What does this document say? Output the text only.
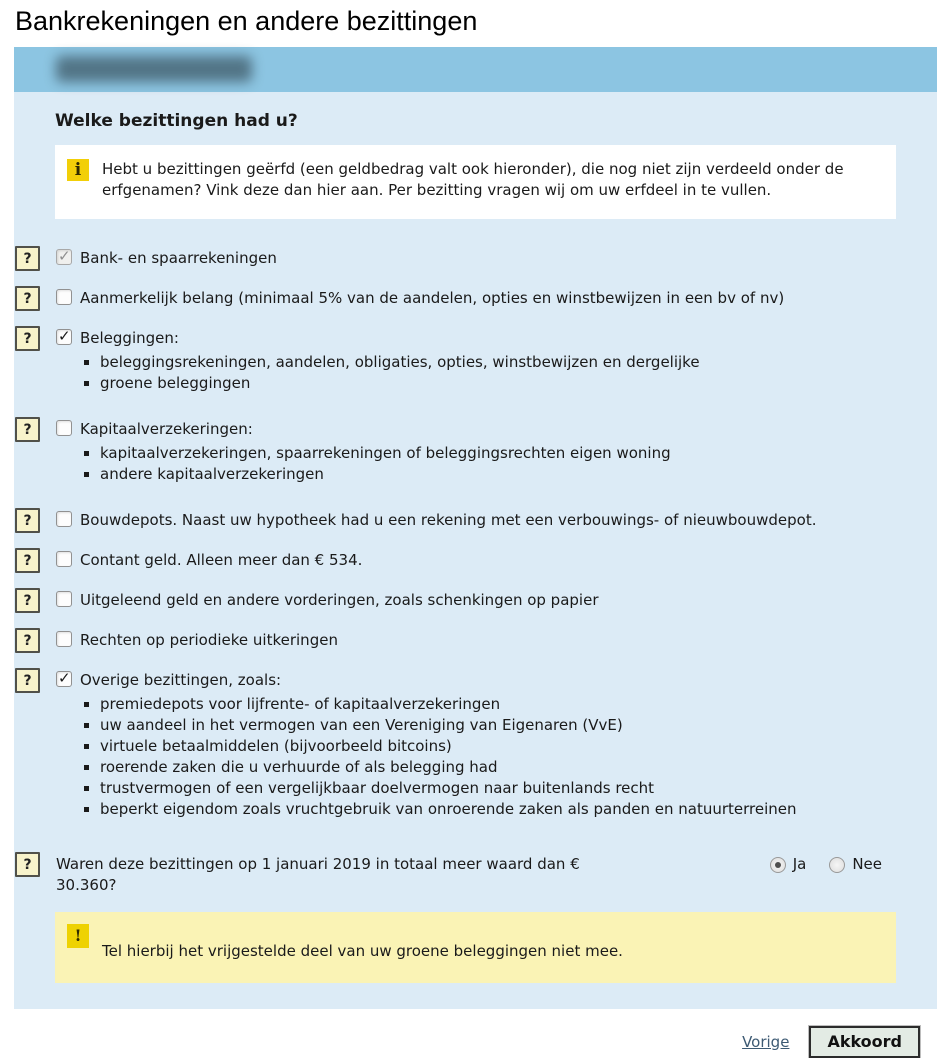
Bankrekeningen en andere bezittingen
Welke bezittingen had u?
i	Hebt u bezittingen geërfd (een geldbedrag valt ook hieronder), die nog niet zijn verdeeld onder de erfgenamen? Vink deze dan hier aan. Per bezitting vragen wij om uw erfdeel in te vullen.
? ✓	Bank- en spaarrekeningen
?	Aanmerkelijk belang (minimaal 5% van de aandelen, opties en winstbewijzen in een bv of nv)
? ✓	Beleggingen:
▪ beleggingsrekeningen, aandelen, obligaties, opties, winstbewijzen en dergelijke
▪ groene beleggingen
?	Kapitaalverzekeringen:
▪ kapitaalverzekeringen, spaarrekeningen of beleggingsrechten eigen woning
▪ andere kapitaalverzekeringen
?	Bouwdepots. Naast uw hypotheek had u een rekening met een verbouwings- of nieuwbouwdepot.
?	Contant geld. Alleen meer dan € 534.
?	Uitgeleend geld en andere vorderingen, zoals schenkingen op papier
?	Rechten op periodieke uitkeringen
? ✓	Overige bezittingen, zoals:
▪ premiedepots voor lijfrente- of kapitaalverzekeringen
▪ uw aandeel in het vermogen van een Vereniging van Eigenaren (VvE)
▪ virtuele betaalmiddelen (bijvoorbeeld bitcoins)
▪ roerende zaken die u verhuurde of als belegging had
▪ trustvermogen of een vergelijkbaar doelvermogen naar buitenlands recht
▪ beperkt eigendom zoals vruchtgebruik van onroerende zaken als panden en natuurterreinen
?	Waren deze bezittingen op 1 januari 2019 in totaal meer waard dan € 30.360?
Ja	Nee
!
Tel hierbij het vrijgestelde deel van uw groene beleggingen niet mee.
Vorige	Akkoord
